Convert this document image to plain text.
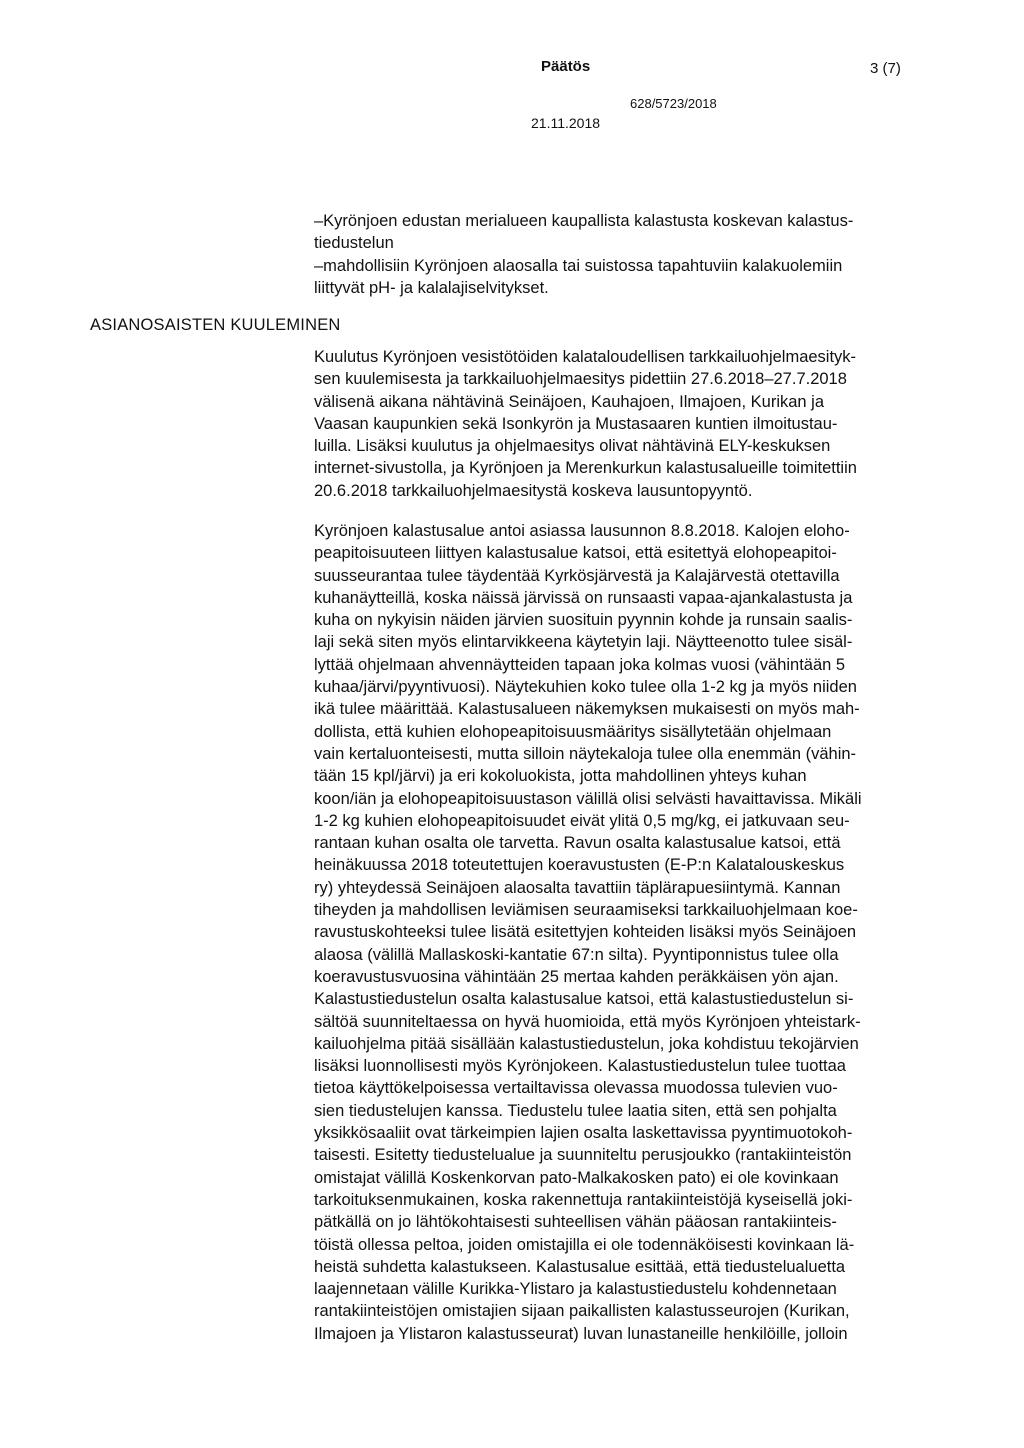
Päätös	3 (7)
628/5723/2018
21.11.2018
ASIANOSAISTEN KUULEMINEN
–Kyrönjoen edustan merialueen kaupallista kalastusta koskevan kalastus-
tiedustelun
–mahdollisiin Kyrönjoen alaosalla tai suistossa tapahtuviin kalakuolemiin
liittyvät pH- ja kalalajiselvitykset.
Kuulutus Kyrönjoen vesistötöiden kalataloudellisen tarkkailuohjelmaesityk-
sen kuulemisesta ja tarkkailuohjelmaesitys pidettiin 27.6.2018–27.7.2018
välisenä aikana nähtävinä Seinäjoen, Kauhajoen, Ilmajoen, Kurikan ja
Vaasan kaupunkien sekä Isonkyrön ja Mustasaaren kuntien ilmoitustau-
luilla. Lisäksi kuulutus ja ohjelmaesitys olivat nähtävinä ELY-keskuksen
internet-sivustolla, ja Kyrönjoen ja Merenkurkun kalastusalueille toimitettiin
20.6.2018 tarkkailuohjelmaesitystä koskeva lausuntopyyntö.
Kyrönjoen kalastusalue antoi asiassa lausunnon 8.8.2018. Kalojen eloho-
peapitoisuuteen liittyen kalastusalue katsoi, että esitettyä elohopeapitoi-
suusseurantaa tulee täydentää Kyrkösjärvestä ja Kalajärvestä otettavilla
kuhanäytteillä, koska näissä järvissä on runsaasti vapaa-ajankalastusta ja
kuha on nykyisin näiden järvien suosituin pyynnin kohde ja runsain saalis-
laji sekä siten myös elintarvikkeena käytetyin laji. Näytteenotto tulee sisäl-
lyttää ohjelmaan ahvennäytteiden tapaan joka kolmas vuosi (vähintään 5
kuhaa/järvi/pyyntivuosi). Näytekuhien koko tulee olla 1-2 kg ja myös niiden
ikä tulee määrittää. Kalastusalueen näkemyksen mukaisesti on myös mah-
dollista, että kuhien elohopeapitoisuusmääritys sisällytetään ohjelmaan
vain kertaluonteisesti, mutta silloin näytekaloja tulee olla enemmän (vähin-
tään 15 kpl/järvi) ja eri kokoluokista, jotta mahdollinen yhteys kuhan
koon/iän ja elohopeapitoisuustason välillä olisi selvästi havaittavissa. Mikäli
1-2 kg kuhien elohopeapitoisuudet eivät ylitä 0,5 mg/kg, ei jatkuvaan seu-
rantaan kuhan osalta ole tarvetta. Ravun osalta kalastusalue katsoi, että
heinäkuussa 2018 toteutettujen koeravustusten (E-P:n Kalatalouskeskus
ry) yhteydessä Seinäjoen alaosalta tavattiin täplärapuesiintymä. Kannan
tiheyden ja mahdollisen leviämisen seuraamiseksi tarkkailuohjelmaan koe-
ravustuskohteeksi tulee lisätä esitettyjen kohteiden lisäksi myös Seinäjoen
alaosa (välillä Mallaskoski-kantatie 67:n silta). Pyyntiponnistus tulee olla
koeravustusvuosina vähintään 25 mertaa kahden peräkkäisen yön ajan.
Kalastustiedustelun osalta kalastusalue katsoi, että kalastustiedustelun si-
sältöä suunniteltaessa on hyvä huomioida, että myös Kyrönjoen yhteistark-
kailuohjelma pitää sisällään kalastustiedustelun, joka kohdistuu tekojärvien
lisäksi luonnollisesti myös Kyrönjokeen. Kalastustiedustelun tulee tuottaa
tietoa käyttökelpoisessa vertailtavissa olevassa muodossa tulevien vuo-
sien tiedustelujen kanssa. Tiedustelu tulee laatia siten, että sen pohjalta
yksikkösaaliit ovat tärkeimpien lajien osalta laskettavissa pyyntimuotokoh-
taisesti. Esitetty tiedustelualue ja suunniteltu perusjoukko (rantakiinteistön
omistajat välillä Koskenkorvan pato-Malkakosken pato) ei ole kovinkaan
tarkoituksenmukainen, koska rakennettuja rantakiinteistöjä kyseisellä joki-
pätkällä on jo lähtökohtaisesti suhteellisen vähän pääosan rantakiinteis-
töistä ollessa peltoa, joiden omistajilla ei ole todennäköisesti kovinkaan lä-
heistä suhdetta kalastukseen. Kalastusalue esittää, että tiedustelualuetta
laajennetaan välille Kurikka-Ylistaro ja kalastustiedustelu kohdennetaan
rantakiinteistöjen omistajien sijaan paikallisten kalastusseurojen (Kurikan,
Ilmajoen ja Ylistaron kalastusseurat) luvan lunastaneille henkilöille, jolloin
